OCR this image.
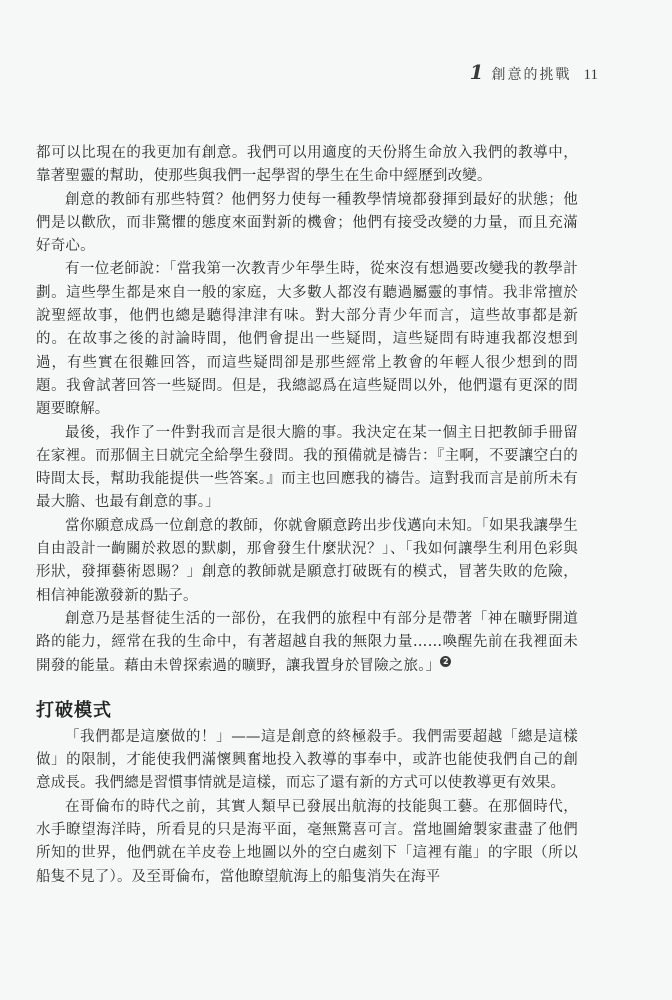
1 創意的挑戰 11

都可以比現在的我更加有創意。我們可以用適度的天份將生命放入我們的教導中，靠著聖靈的幫助，使那些與我們一起學習的學生在生命中經歷到改變。

創意的教師有那些特質？他們努力使每一種教學情境都發揮到最好的狀態；他們是以歡欣，而非驚懼的態度來面對新的機會；他們有接受改變的力量，而且充滿好奇心。

有一位老師說：「當我第一次教青少年學生時，從來沒有想過要改變我的教學計劃。這些學生都是來自一般的家庭，大多數人都沒有聽過屬靈的事情。我非常擅於說聖經故事，他們也總是聽得津津有味。對大部分青少年而言，這些故事都是新的。在故事之後的討論時間，他們會提出一些疑問，這些疑問有時連我都沒想到過，有些實在很難回答，而這些疑問卻是那些經常上教會的年輕人很少想到的問題。我會試著回答一些疑問。但是，我總認爲在這些疑問以外，他們還有更深的問題要瞭解。

最後，我作了一件對我而言是很大膽的事。我決定在某一個主日把教師手冊留在家裡。而那個主日就完全給學生發問。我的預備就是禱告：『主啊，不要讓空白的時間太長，幫助我能提供一些答案。』而主也回應我的禱告。這對我而言是前所未有最大膽、也最有創意的事。」

當你願意成爲一位創意的教師，你就會願意跨出步伐邁向未知。「如果我讓學生自由設計一齣關於救恩的默劇，那會發生什麼狀況？」、「我如何讓學生利用色彩與形狀，發揮藝術恩賜？」創意的教師就是願意打破既有的模式，冒著失敗的危險，相信神能激發新的點子。

創意乃是基督徒生活的一部份，在我們的旅程中有部分是帶著「神在曠野開道路的能力，經常在我的生命中，有著超越自我的無限力量……喚醒先前在我裡面未開發的能量。藉由未曾探索過的曠野，讓我置身於冒險之旅。」 2

打破模式

「我們都是這麼做的！」——這是創意的終極殺手。我們需要超越「總是這樣做」的限制，才能使我們滿懷興奮地投入教導的事奉中，或許也能使我們自己的創意成長。我們總是習慣事情就是這樣，而忘了還有新的方式可以使教導更有效果。

在哥倫布的時代之前，其實人類早已發展出航海的技能與工藝。在那個時代，水手瞭望海洋時，所看見的只是海平面，毫無驚喜可言。當地圖繪製家畫盡了他們所知的世界，他們就在羊皮卷上地圖以外的空白處刻下「這裡有龍」的字眼（所以船隻不見了）。及至哥倫布，當他瞭望航海上的船隻消失在海平
